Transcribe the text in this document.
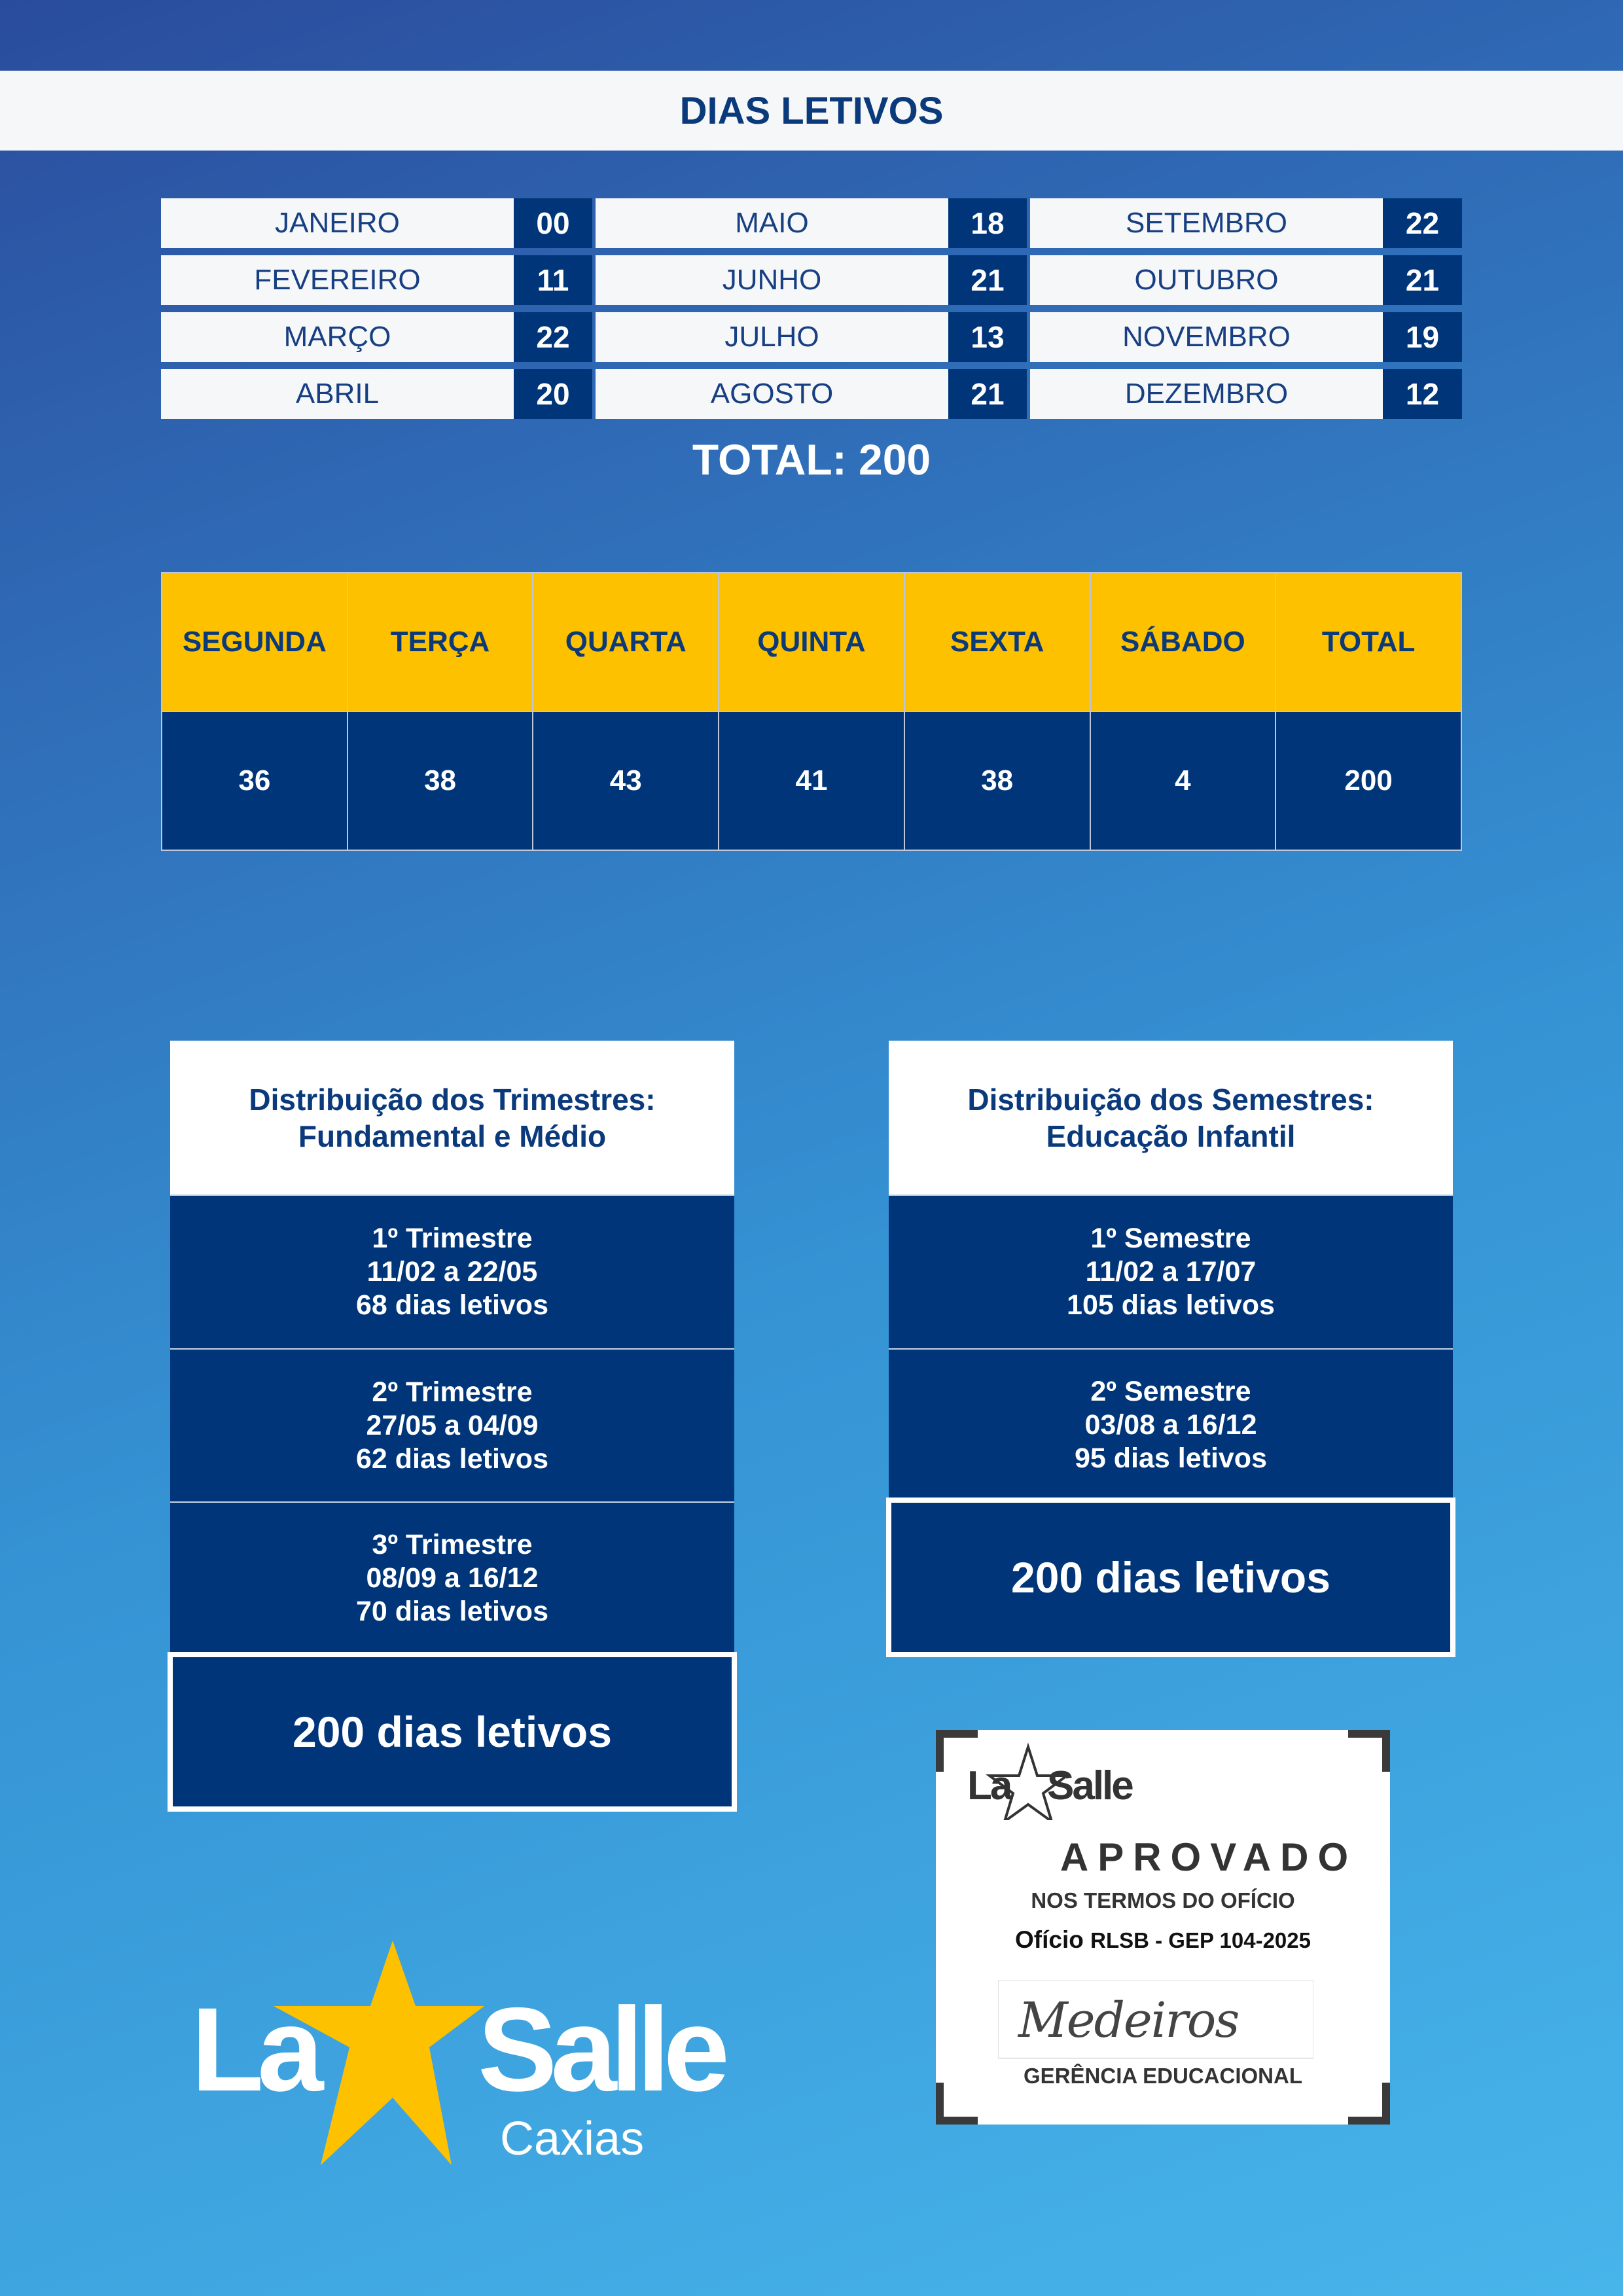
DIAS LETIVOS
JANEIRO	00
FEVEREIRO	11
MARÇO	22
ABRIL	20
MAIO	18
JUNHO	21
JULHO	13
AGOSTO	21
SETEMBRO	22
OUTUBRO	21
NOVEMBRO	19
DEZEMBRO	12
TOTAL: 200
SEGUNDA	TERÇA	QUARTA	QUINTA	SEXTA	SÁBADO	TOTAL
36	38	43	41	38	4	200
Distribuição dos Trimestres:
Fundamental e Médio
1º Trimestre
11/02 a 22/05
68 dias letivos
2º Trimestre
27/05 a 04/09
62 dias letivos
3º Trimestre
08/09 a 16/12
70 dias letivos
200 dias letivos
Distribuição dos Semestres:
Educação Infantil
1º Semestre
11/02 a 17/07
105 dias letivos
2º Semestre
03/08 a 16/12
95 dias letivos
200 dias letivos
La Salle
APROVADO
NOS TERMOS DO OFÍCIO
Ofício RLSB - GEP 104-2025
Medeiros
GERÊNCIA EDUCACIONAL
La Salle
Caxias
